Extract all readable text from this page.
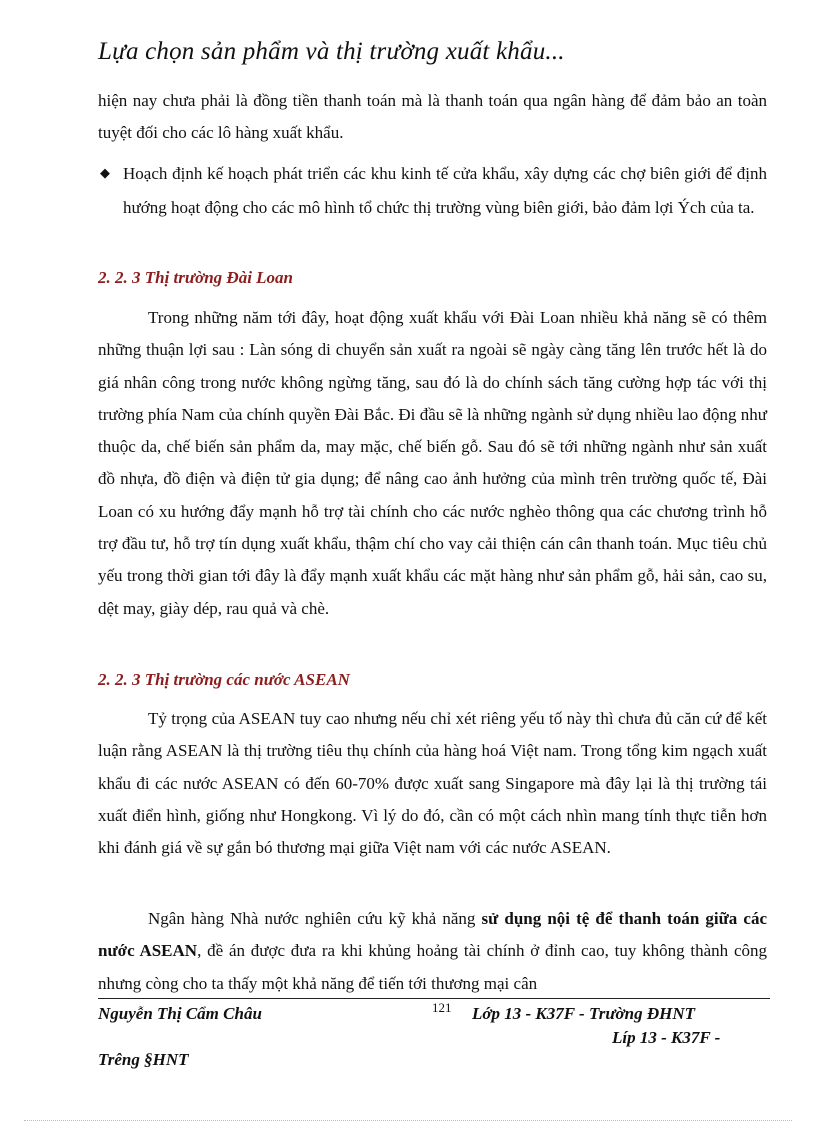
Lựa chọn sản phẩm và thị trường xuất khẩu...

hiện nay chưa phải là đồng tiền thanh toán mà là thanh toán qua ngân hàng để đảm bảo an toàn tuyệt đối cho các lô hàng xuất khẩu.

◆ Hoạch định kế hoạch phát triển các khu kinh tế cửa khẩu, xây dựng các chợ biên giới để định hướng hoạt động cho các mô hình tổ chức thị trường vùng biên giới, bảo đảm lợi Ých của ta.
2. 2. 3 Thị trường Đài Loan

Trong những năm tới đây, hoạt động xuất khẩu với Đài Loan nhiều khả năng sẽ có thêm những thuận lợi sau : Làn sóng di chuyển sản xuất ra ngoài sẽ ngày càng tăng lên trước hết là do giá nhân công trong nước không ngừng tăng, sau đó là do chính sách tăng cường hợp tác với thị trường phía Nam của chính quyền Đài Bắc. Đi đầu sẽ là những ngành sử dụng nhiều lao động như thuộc da, chế biến sản phẩm da, may mặc, chế biến gỗ. Sau đó sẽ tới những ngành như sản xuất đồ nhựa, đồ điện và điện tử gia dụng; để nâng cao ảnh hưởng của mình trên trường quốc tế, Đài Loan có xu hướng đẩy mạnh hỗ trợ tài chính cho các nước nghèo thông qua các chương trình hỗ trợ đầu tư, hỗ trợ tín dụng xuất khẩu, thậm chí cho vay cải thiện cán cân thanh toán. Mục tiêu chủ yếu trong thời gian tới đây là đẩy mạnh xuất khẩu các mặt hàng như sản phẩm gỗ, hải sản, cao su, dệt may, giày dép, rau quả và chè.

2. 2. 3 Thị trường các nước ASEAN

Tỷ trọng của ASEAN tuy cao nhưng nếu chỉ xét riêng yếu tố này thì chưa đủ căn cứ để kết luận rằng ASEAN là thị trường tiêu thụ chính của hàng hoá Việt nam. Trong tổng kim ngạch xuất khẩu đi các nước ASEAN có đến 60-70% được xuất sang Singapore mà đây lại là thị trường tái xuất điển hình, giống như Hongkong. Vì lý do đó, cần có một cách nhìn mang tính thực tiễn hơn khi đánh giá về sự gắn bó thương mại giữa Việt nam với các nước ASEAN.

Ngân hàng Nhà nước nghiên cứu kỹ khả năng sử dụng nội tệ để thanh toán giữa các nước ASEAN, đề án được đưa ra khi khủng hoảng tài chính ở đỉnh cao, tuy không thành công nhưng còng cho ta thấy một khả năng để tiến tới thương mại cân

Nguyễn Thị Cẩm Châu	121 Lớp 13 - K37F - Trường ĐHNT

Líp 13 - K37F -

Trêng §HNT
